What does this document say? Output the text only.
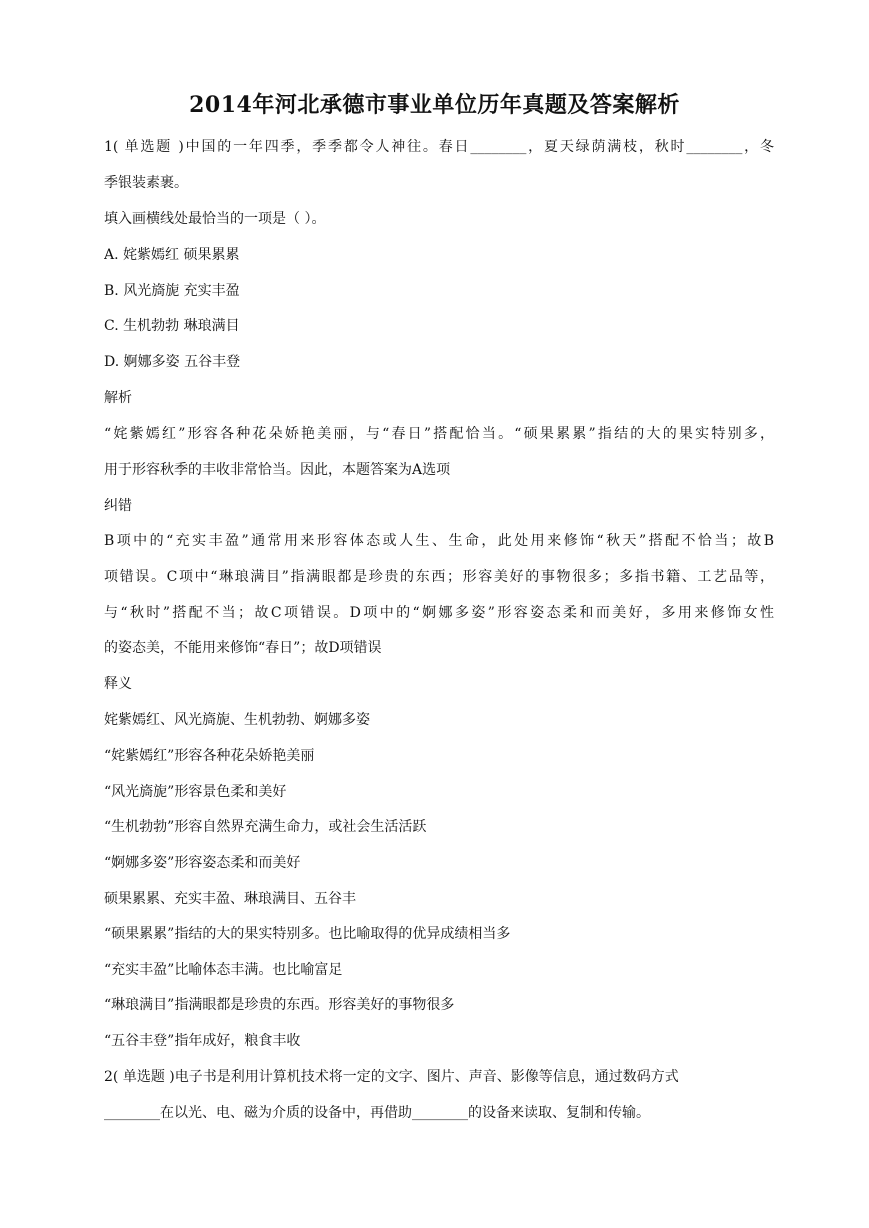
2014年河北承德市事业单位历年真题及答案解析
1( 单选题 )中国的一年四季，季季都令人神往。春日________，夏天绿荫满枝，秋时________，冬
季银装素裹。
填入画横线处最恰当的一项是（ ）。
A. 姹紫嫣红 硕果累累
B. 风光旖旎 充实丰盈
C. 生机勃勃 琳琅满目
D. 婀娜多姿 五谷丰登
解析
“姹紫嫣红”形容各种花朵娇艳美丽，与“春日”搭配恰当。“硕果累累”指结的大的果实特别多，
用于形容秋季的丰收非常恰当。因此，本题答案为A选项
纠错
B项中的“充实丰盈”通常用来形容体态或人生、生命，此处用来修饰“秋天”搭配不恰当；故B
项错误。C项中“琳琅满目”指满眼都是珍贵的东西；形容美好的事物很多；多指书籍、工艺品等，
与“秋时”搭配不当；故C项错误。D项中的“婀娜多姿”形容姿态柔和而美好，多用来修饰女性
的姿态美，不能用来修饰“春日”；故D项错误
释义
姹紫嫣红、风光旖旎、生机勃勃、婀娜多姿
“姹紫嫣红”形容各种花朵娇艳美丽
“风光旖旎”形容景色柔和美好
“生机勃勃”形容自然界充满生命力，或社会生活活跃
“婀娜多姿”形容姿态柔和而美好
硕果累累、充实丰盈、琳琅满目、五谷丰
“硕果累累”指结的大的果实特别多。也比喻取得的优异成绩相当多
“充实丰盈”比喻体态丰满。也比喻富足
“琳琅满目”指满眼都是珍贵的东西。形容美好的事物很多
“五谷丰登”指年成好，粮食丰收
2( 单选题 )电子书是利用计算机技术将一定的文字、图片、声音、影像等信息，通过数码方式
________在以光、电、磁为介质的设备中，再借助________的设备来读取、复制和传输。
